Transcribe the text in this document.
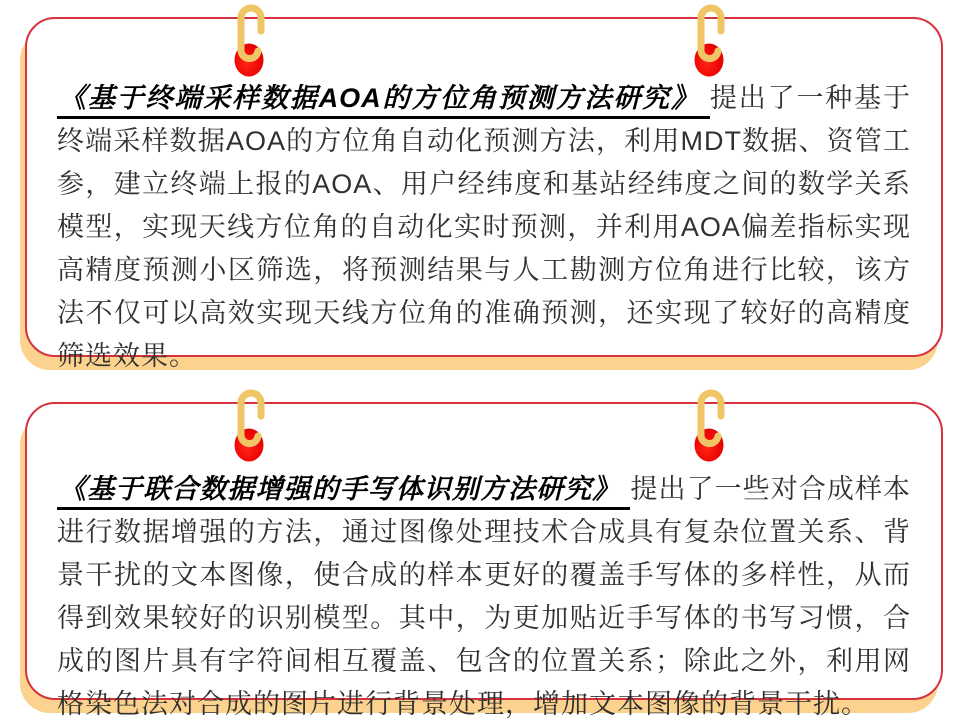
《基于终端采样数据AOA的方位角预测方法研究》 提出了一种基于终端采样数据AOA的方位角自动化预测方法，利用MDT数据、资管工参，建立终端上报的AOA、用户经纬度和基站经纬度之间的数学关系模型，实现天线方位角的自动化实时预测，并利用AOA偏差指标实现高精度预测小区筛选，将预测结果与人工勘测方位角进行比较，该方法不仅可以高效实现天线方位角的准确预测，还实现了较好的高精度筛选效果。

《基于联合数据增强的手写体识别方法研究》 提出了一些对合成样本进行数据增强的方法，通过图像处理技术合成具有复杂位置关系、背景干扰的文本图像，使合成的样本更好的覆盖手写体的多样性，从而得到效果较好的识别模型。其中，为更加贴近手写体的书写习惯，合成的图片具有字符间相互覆盖、包含的位置关系；除此之外，利用网格染色法对合成的图片进行背景处理，增加文本图像的背景干扰。
